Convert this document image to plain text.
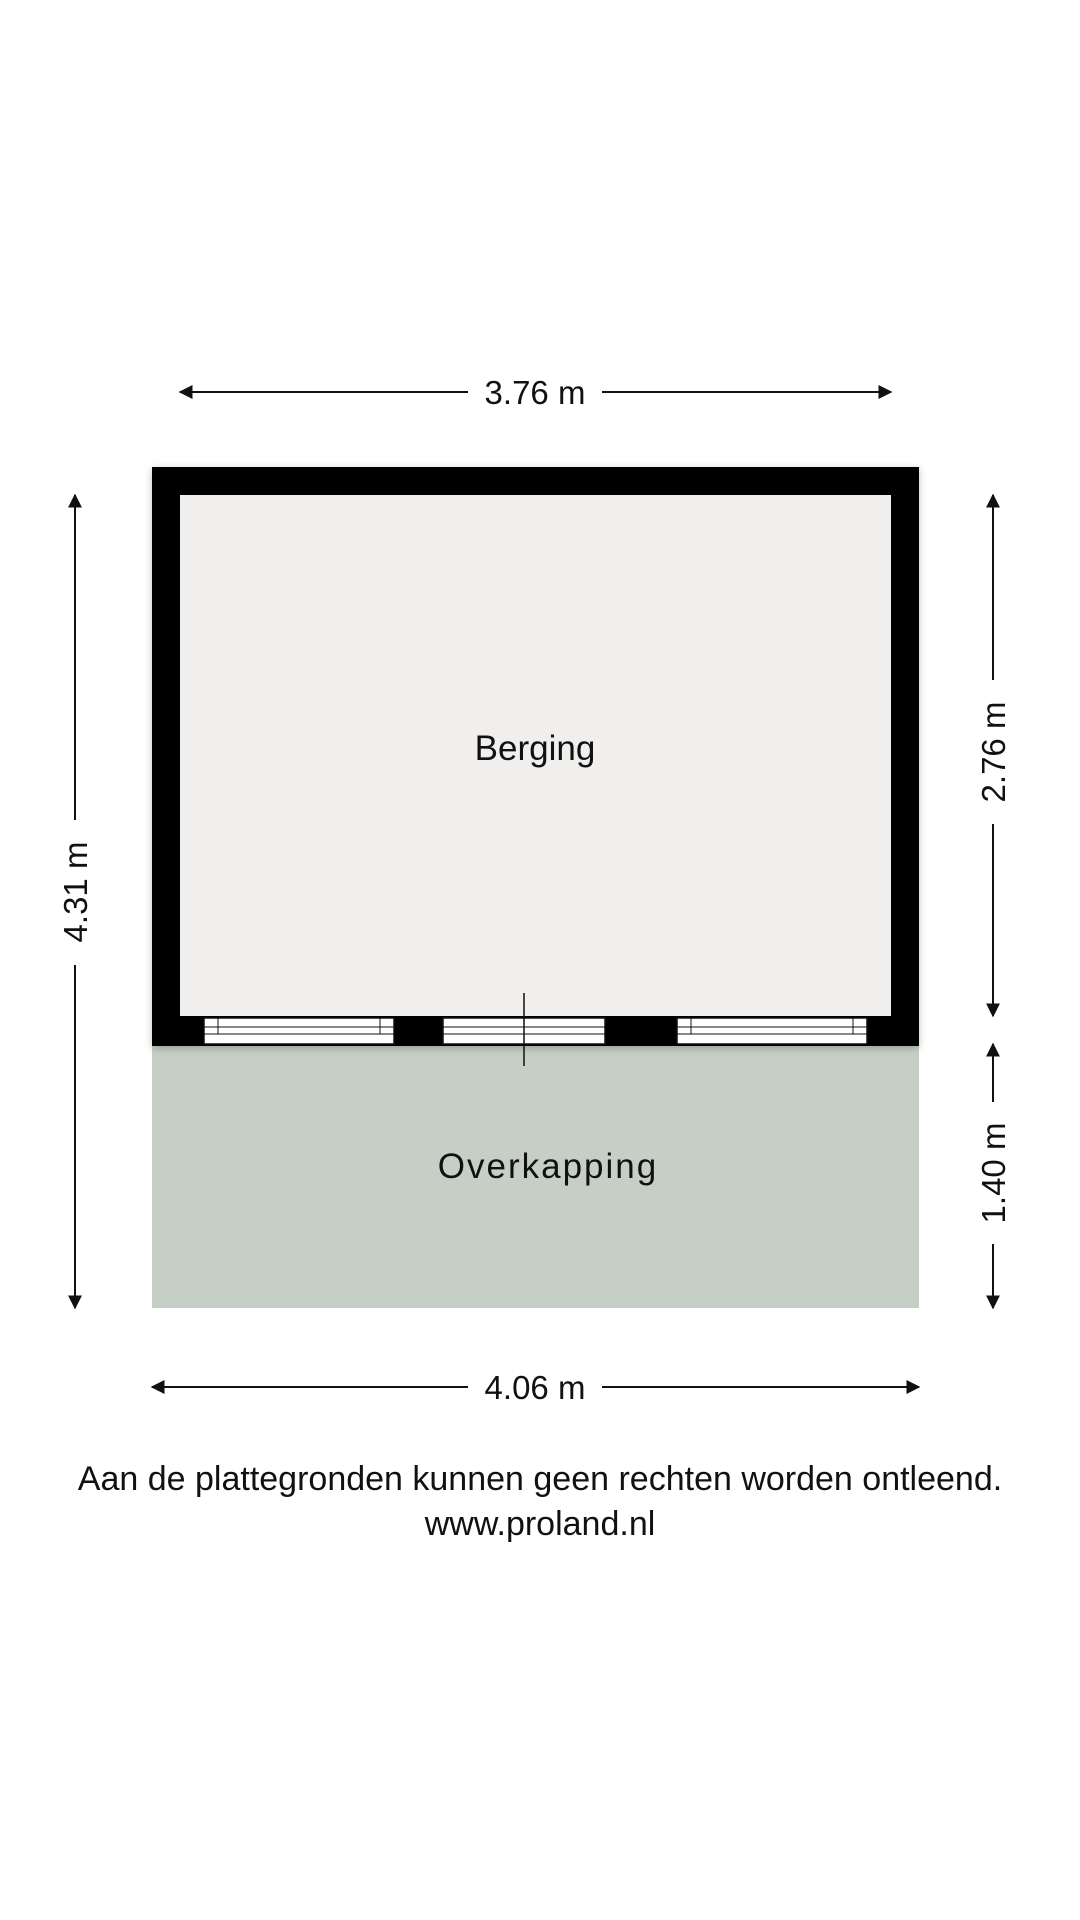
Berging
Overkapping
3.76 m
4.06 m
4.31 m
2.76 m
1.40 m
Aan de plattegronden kunnen geen rechten worden ontleend.
www.proland.nl
